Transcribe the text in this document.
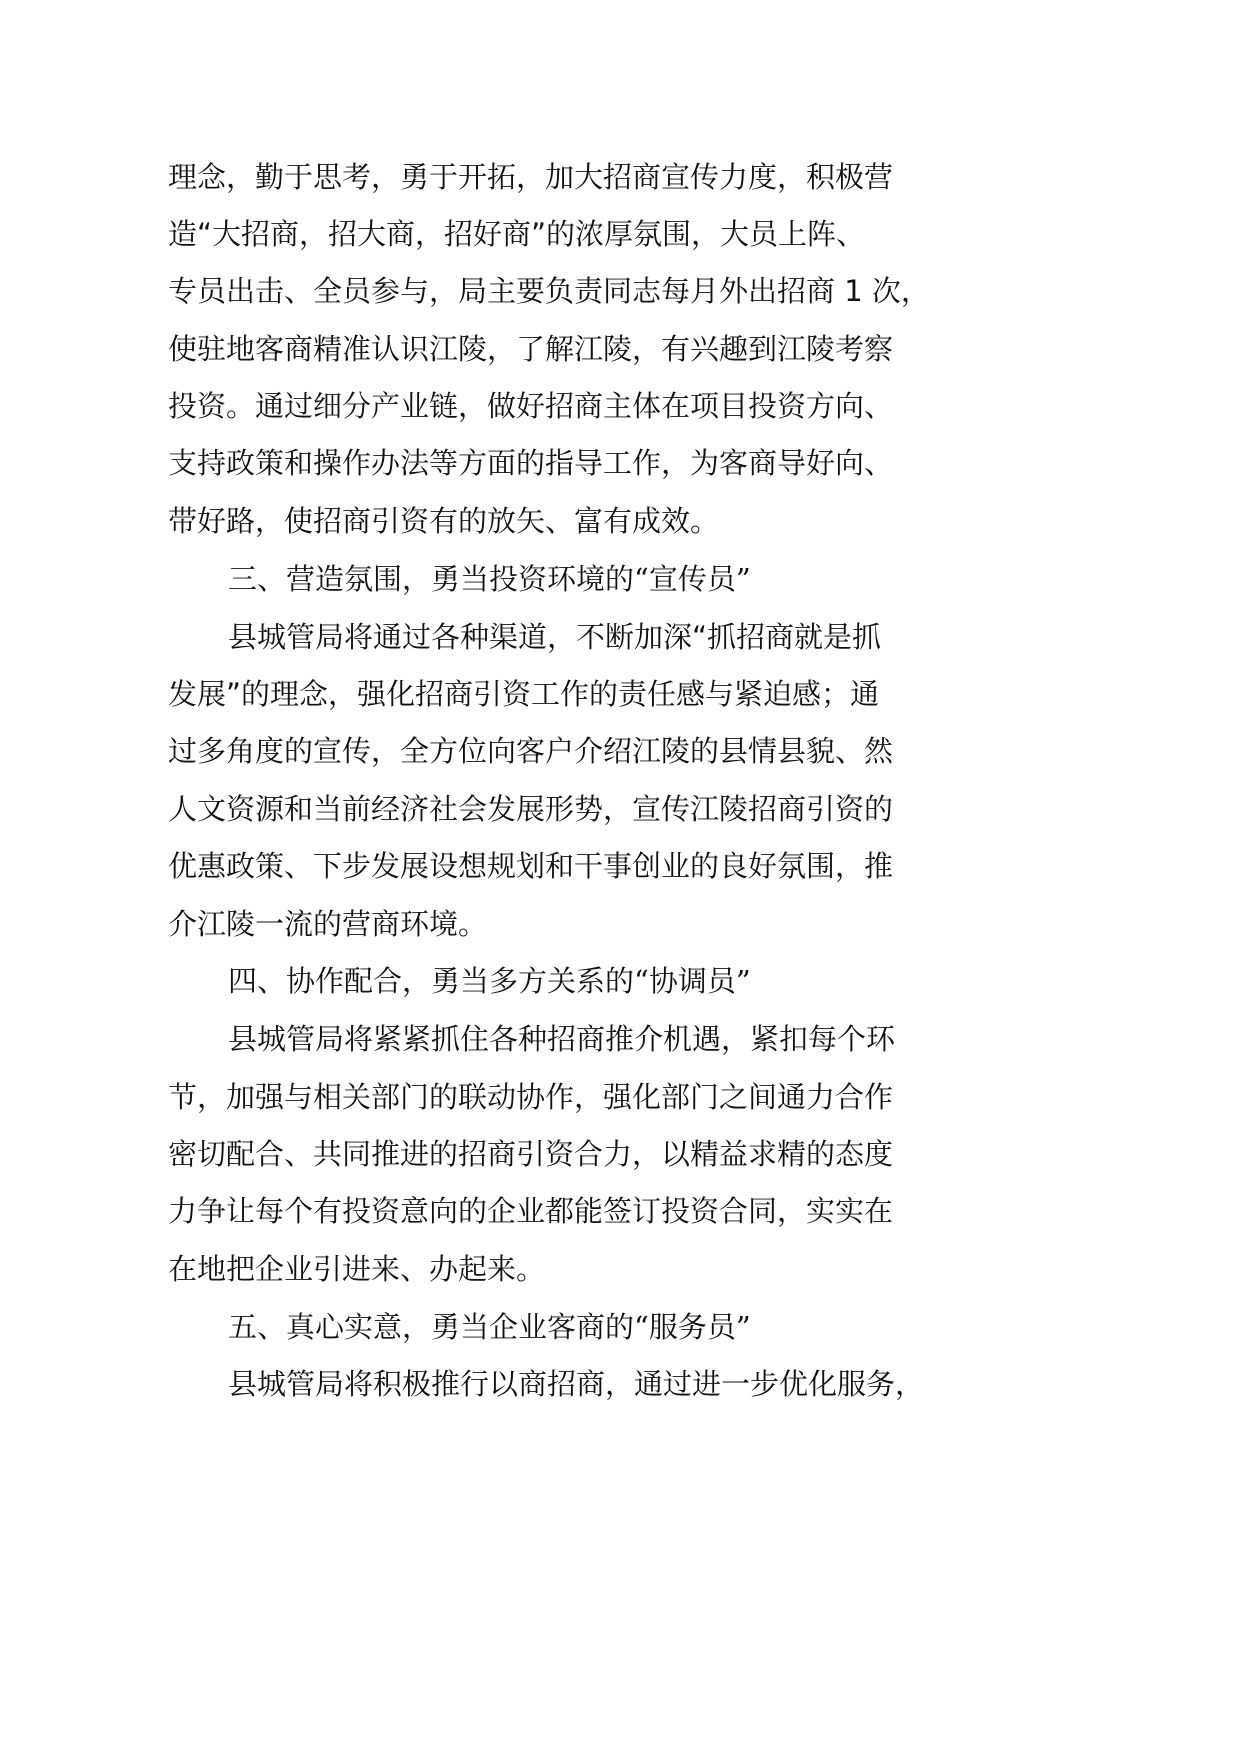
理念，勤于思考，勇于开拓，加大招商宣传力度，积极营
造“大招商，招大商，招好商”的浓厚氛围，大员上阵、
专员出击、全员参与，局主要负责同志每月外出招商 1 次，
使驻地客商精准认识江陵，了解江陵，有兴趣到江陵考察
投资。通过细分产业链，做好招商主体在项目投资方向、
支持政策和操作办法等方面的指导工作，为客商导好向、
带好路，使招商引资有的放矢、富有成效。
三、营造氛围，勇当投资环境的“宣传员”
县城管局将通过各种渠道，不断加深“抓招商就是抓
发展”的理念，强化招商引资工作的责任感与紧迫感；通
过多角度的宣传，全方位向客户介绍江陵的县情县貌、然
人文资源和当前经济社会发展形势，宣传江陵招商引资的
优惠政策、下步发展设想规划和干事创业的良好氛围，推
介江陵一流的营商环境。
四、协作配合，勇当多方关系的“协调员”
县城管局将紧紧抓住各种招商推介机遇，紧扣每个环
节，加强与相关部门的联动协作，强化部门之间通力合作
密切配合、共同推进的招商引资合力，以精益求精的态度
力争让每个有投资意向的企业都能签订投资合同，实实在
在地把企业引进来、办起来。
五、真心实意，勇当企业客商的“服务员”
县城管局将积极推行以商招商，通过进一步优化服务，
